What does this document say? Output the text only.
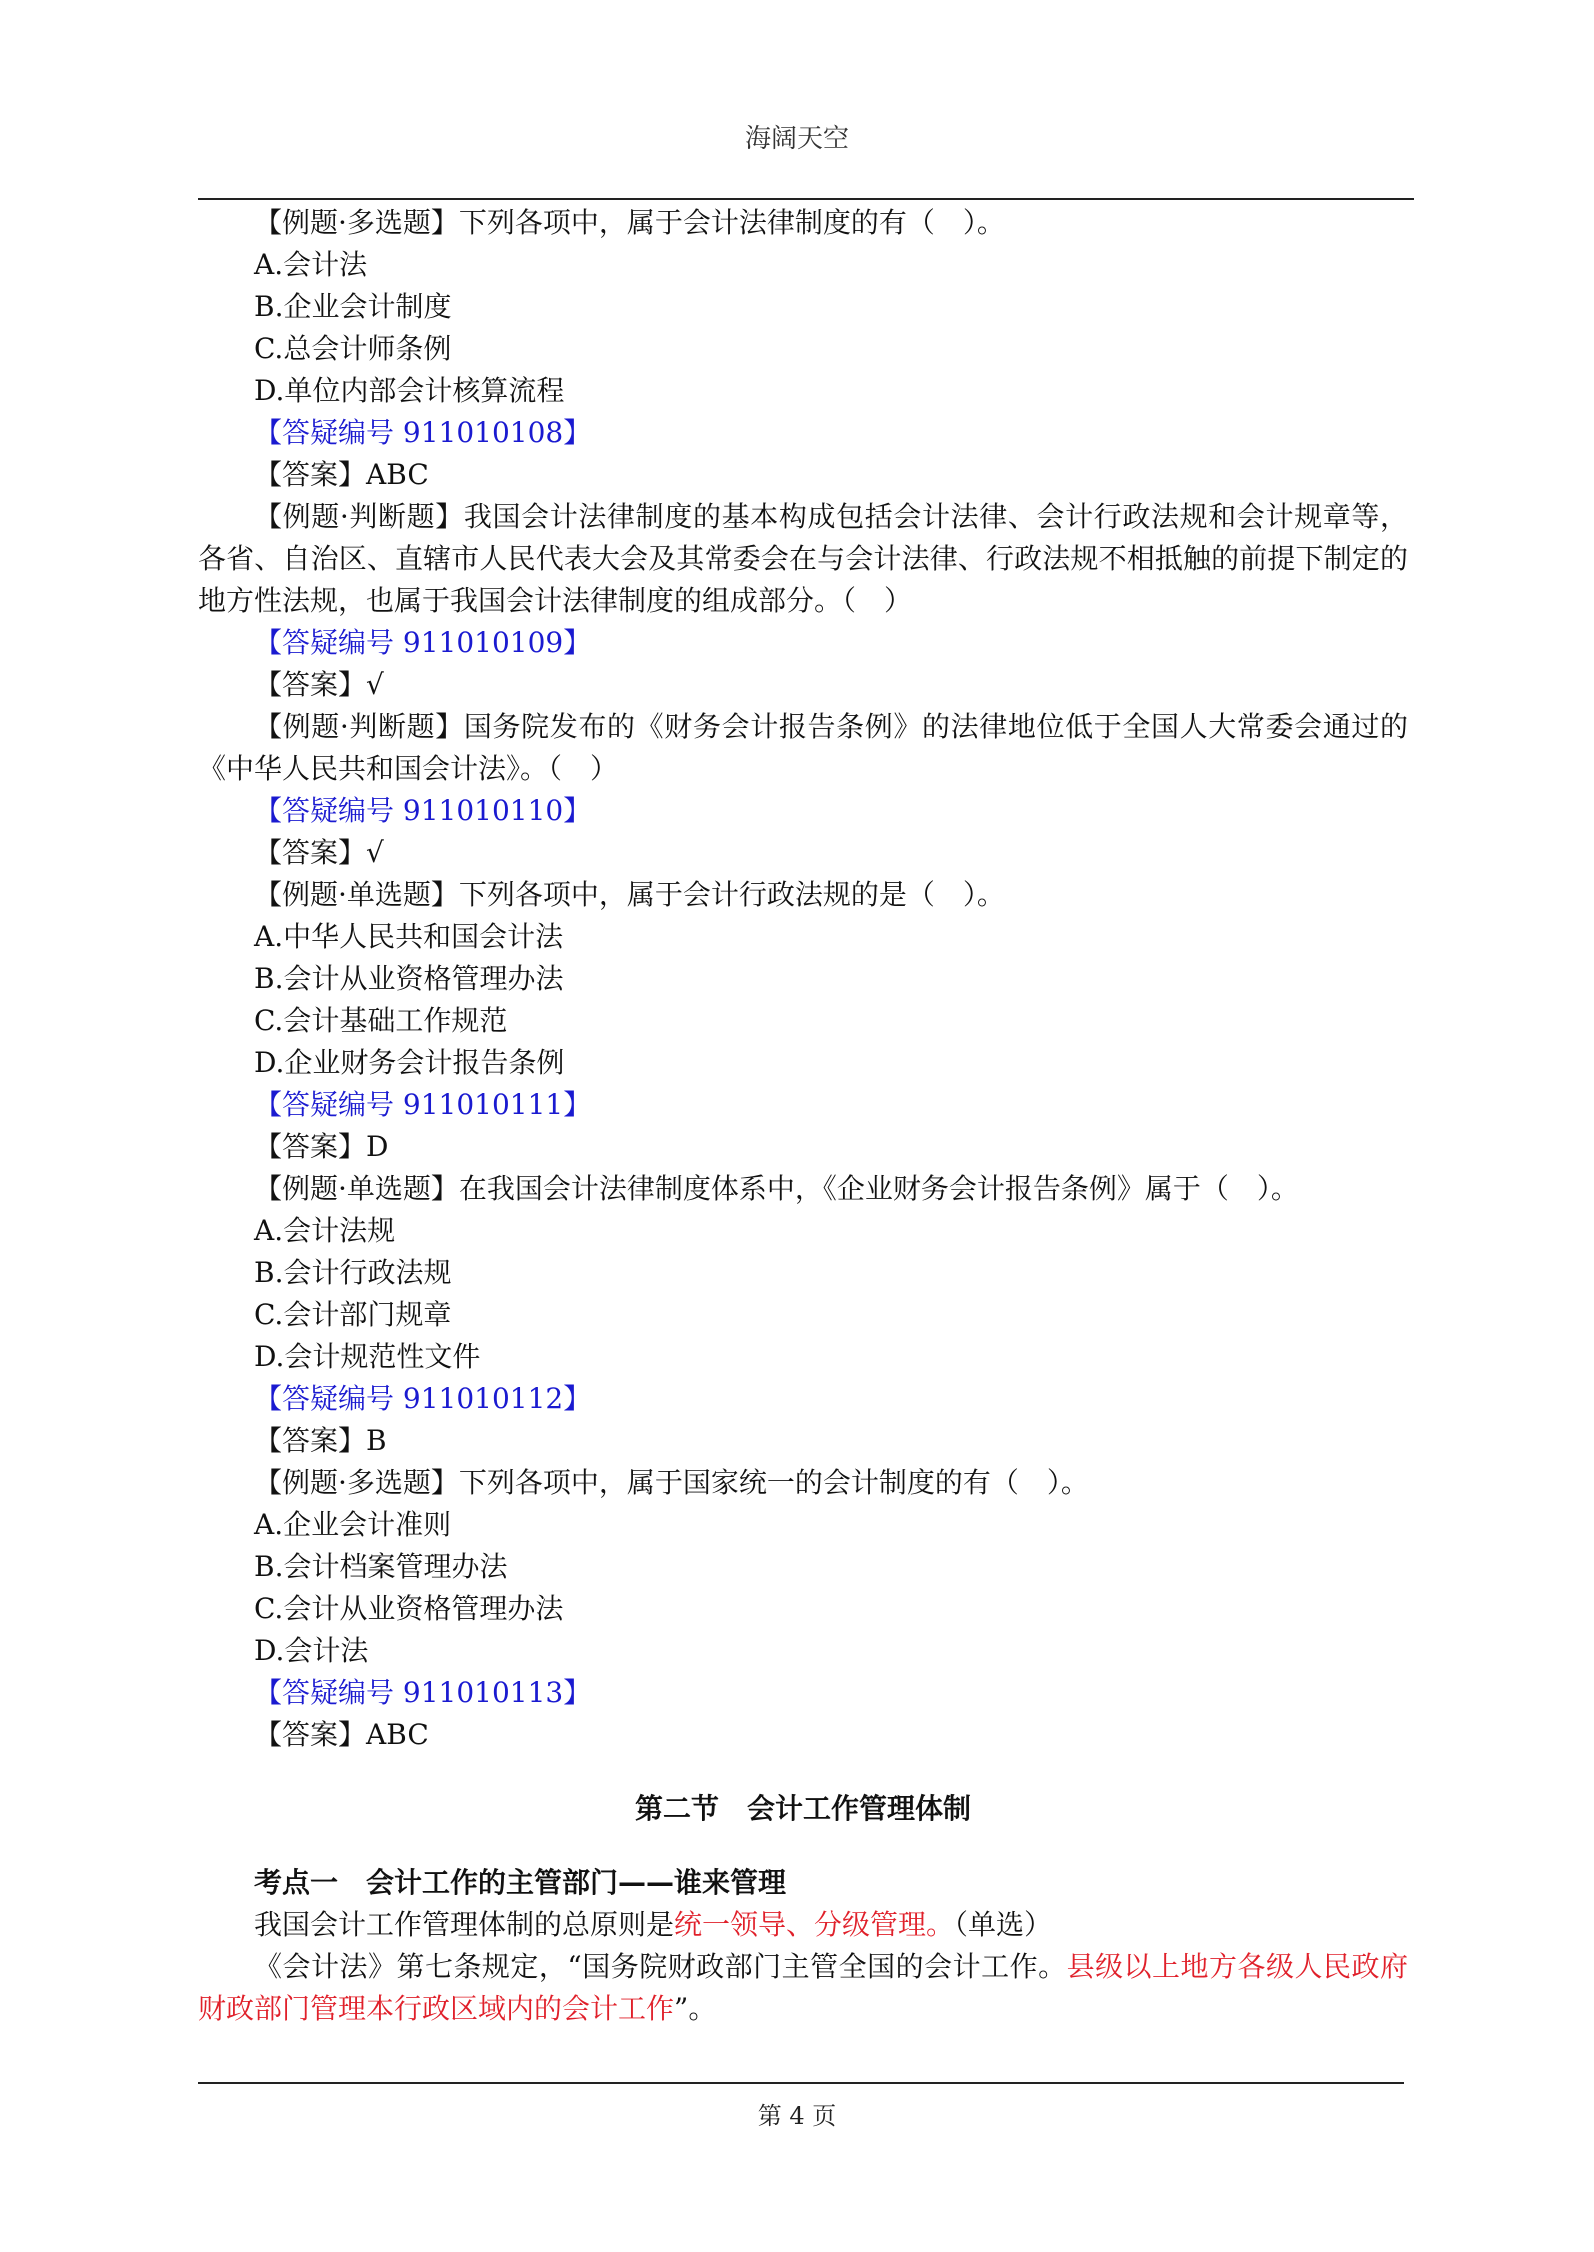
海阔天空
【例题·多选题】下列各项中，属于会计法律制度的有（　）。
A.会计法
B.企业会计制度
C.总会计师条例
D.单位内部会计核算流程
【答疑编号 911010108】
【答案】ABC
【例题·判断题】我国会计法律制度的基本构成包括会计法律、会计行政法规和会计规章等，各省、自治区、直辖市人民代表大会及其常委会在与会计法律、行政法规不相抵触的前提下制定的地方性法规，也属于我国会计法律制度的组成部分。（　）
【答疑编号 911010109】
【答案】√
【例题·判断题】国务院发布的《财务会计报告条例》的法律地位低于全国人大常委会通过的《中华人民共和国会计法》。（　）
【答疑编号 911010110】
【答案】√
【例题·单选题】下列各项中，属于会计行政法规的是（　）。
A.中华人民共和国会计法
B.会计从业资格管理办法
C.会计基础工作规范
D.企业财务会计报告条例
【答疑编号 911010111】
【答案】D
【例题·单选题】在我国会计法律制度体系中，《企业财务会计报告条例》属于（　）。
A.会计法规
B.会计行政法规
C.会计部门规章
D.会计规范性文件
【答疑编号 911010112】
【答案】B
【例题·多选题】下列各项中，属于国家统一的会计制度的有（　）。
A.企业会计准则
B.会计档案管理办法
C.会计从业资格管理办法
D.会计法
【答疑编号 911010113】
【答案】ABC
第二节　会计工作管理体制
考点一　会计工作的主管部门——谁来管理
我国会计工作管理体制的总原则是统一领导、分级管理。（单选）
《会计法》第七条规定，“国务院财政部门主管全国的会计工作。县级以上地方各级人民政府财政部门管理本行政区域内的会计工作”。
第 4 页
